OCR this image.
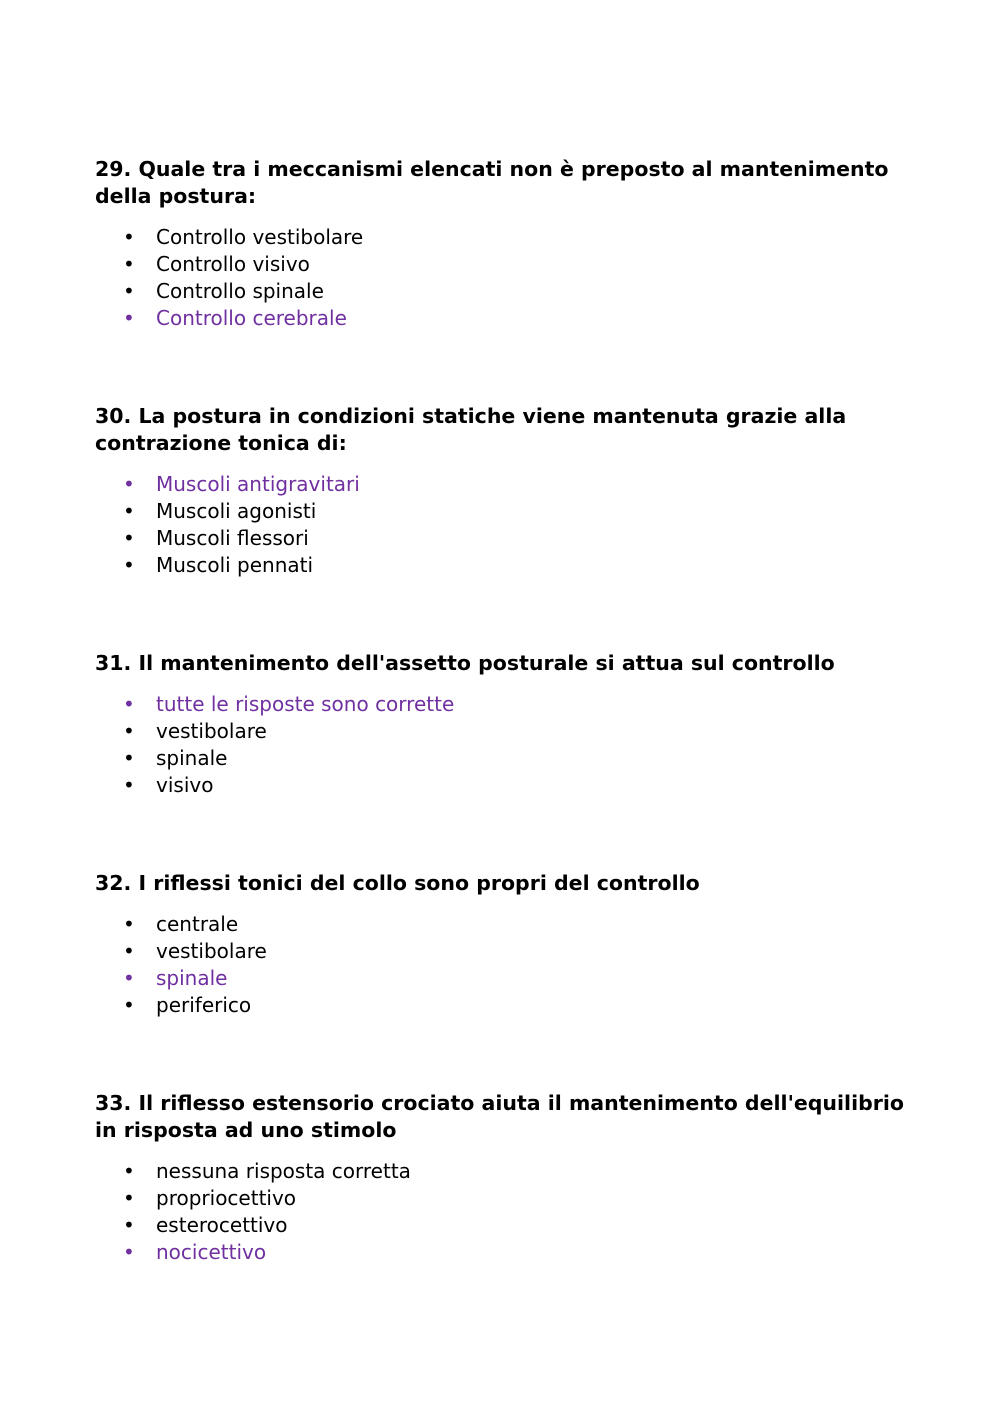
29. Quale tra i meccanismi elencati non è preposto al mantenimento della postura:

• Controllo vestibolare
• Controllo visivo
• Controllo spinale
• Controllo cerebrale

30. La postura in condizioni statiche viene mantenuta grazie alla contrazione tonica di:

• Muscoli antigravitari
• Muscoli agonisti
• Muscoli flessori
• Muscoli pennati

31. Il mantenimento dell'assetto posturale si attua sul controllo

• tutte le risposte sono corrette
• vestibolare
• spinale
• visivo

32. I riflessi tonici del collo sono propri del controllo

• centrale
• vestibolare
• spinale
• periferico

33. Il riflesso estensorio crociato aiuta il mantenimento dell'equilibrio in risposta ad uno stimolo

• nessuna risposta corretta
• propriocettivo
• esterocettivo
• nocicettivo
